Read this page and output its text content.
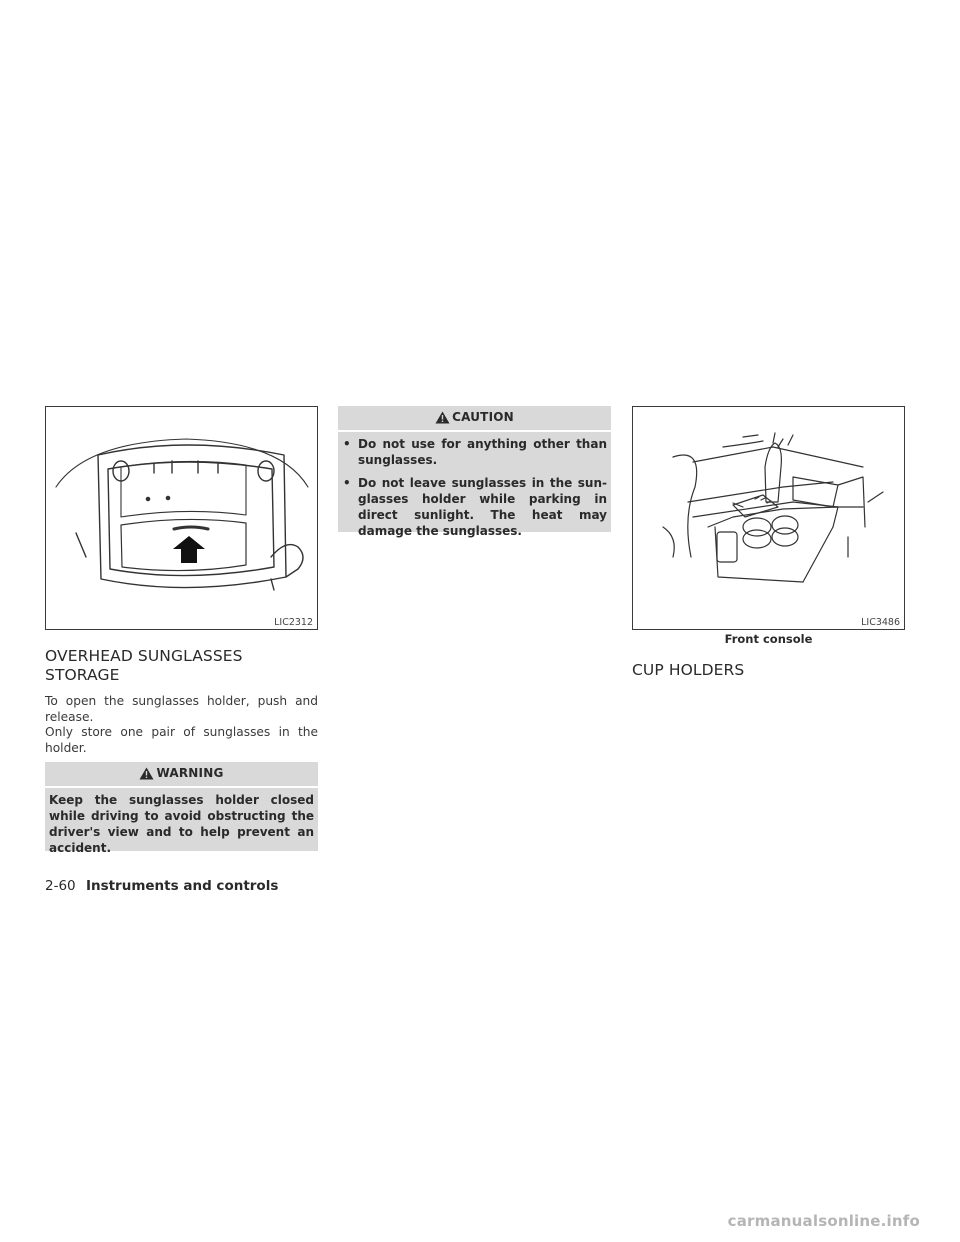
LIC2312
OVERHEAD SUNGLASSES STORAGE

To open the sunglasses holder, push and release.

Only store one pair of sunglasses in the holder.

WARNING
Keep the sunglasses holder closed while driving to avoid obstructing the driver's view and to help prevent an accident.
CAUTION
• Do not use for anything other than sunglasses.
• Do not leave sunglasses in the sun-glasses holder while parking in direct sunlight. The heat may damage the sunglasses.
LIC3486
Front console
CUP HOLDERS
2-60 Instruments and controls
carmanualsonline.info
